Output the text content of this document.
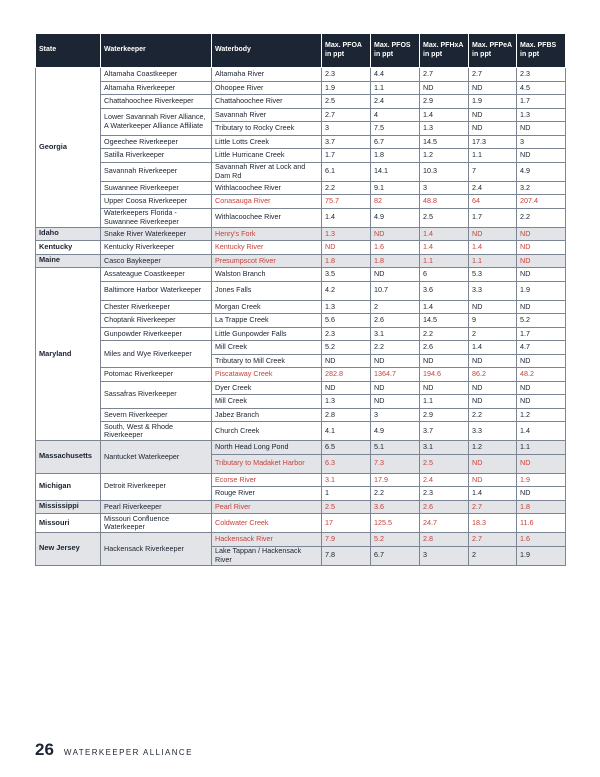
State	Waterkeeper	Waterbody	Max. PFOA in ppt	Max. PFOS in ppt	Max. PFHxA in ppt	Max. PFPeA in ppt	Max. PFBS in ppt
Georgia	Altamaha Coastkeeper	Altamaha River	2.3	4.4	2.7	2.7	2.3
	Altamaha Riverkeeper	Ohoopee River	1.9	1.1	ND	ND	4.5
	Chattahoochee Riverkeeper	Chattahoochee River	2.5	2.4	2.9	1.9	1.7
	Lower Savannah River Alliance, A Waterkeeper Alliance Affiliate	Savannah River	2.7	4	1.4	ND	1.3
		Tributary to Rocky Creek	3	7.5	1.3	ND	ND
	Ogeechee Riverkeeper	Little Lotts Creek	3.7	6.7	14.5	17.3	3
	Satilla Riverkeeper	Little Hurricane Creek	1.7	1.8	1.2	1.1	ND
	Savannah Riverkeeper	Savannah River at Lock and Dam Rd	6.1	14.1	10.3	7	4.9
	Suwannee Riverkeeper	Withlacoochee River	2.2	9.1	3	2.4	3.2
	Upper Coosa Riverkeeper	Conasauga River	75.7	82	48.8	64	207.4
	Waterkeepers Florida - Suwannee Riverkeeper	Withlacoochee River	1.4	4.9	2.5	1.7	2.2
Idaho	Snake River Waterkeeper	Henry's Fork	1.3	ND	1.4	ND	ND
Kentucky	Kentucky Riverkeeper	Kentucky River	ND	1.6	1.4	1.4	ND
Maine	Casco Baykeeper	Presumpscot River	1.8	1.8	1.1	1.1	ND
Maryland	Assateague Coastkeeper	Walston Branch	3.5	ND	6	5.3	ND
	Baltimore Harbor Waterkeeper	Jones Falls	4.2	10.7	3.6	3.3	1.9
	Chester Riverkeeper	Morgan Creek	1.3	2	1.4	ND	ND
	Choptank Riverkeeper	La Trappe Creek	5.6	2.6	14.5	9	5.2
	Gunpowder Riverkeeper	Little Gunpowder Falls	2.3	3.1	2.2	2	1.7
	Miles and Wye Riverkeeper	Mill Creek	5.2	2.2	2.6	1.4	4.7
		Tributary to Mill Creek	ND	ND	ND	ND	ND
	Potomac Riverkeeper	Piscataway Creek	282.8	1364.7	194.6	86.2	48.2
	Sassafras Riverkeeper	Dyer Creek	ND	ND	ND	ND	ND
		Mill Creek	1.3	ND	1.1	ND	ND
	Severn Riverkeeper	Jabez Branch	2.8	3	2.9	2.2	1.2
	South, West & Rhode Riverkeeper	Church Creek	4.1	4.9	3.7	3.3	1.4
Massachusetts	Nantucket Waterkeeper	North Head Long Pond	6.5	5.1	3.1	1.2	1.1
		Tributary to Madaket Harbor	6.3	7.3	2.5	ND	ND
Michigan	Detroit Riverkeeper	Ecorse River	3.1	17.9	2.4	ND	1.9
		Rouge River	1	2.2	2.3	1.4	ND
Mississippi	Pearl Riverkeeper	Pearl River	2.5	3.6	2.6	2.7	1.8
Missouri	Missouri Confluence Waterkeeper	Coldwater Creek	17	125.5	24.7	18.3	11.6
New Jersey	Hackensack Riverkeeper	Hackensack River	7.9	5.2	2.8	2.7	1.6
		Lake Tappan / Hackensack River	7.8	6.7	3	2	1.9
26 WATERKEEPER ALLIANCE
